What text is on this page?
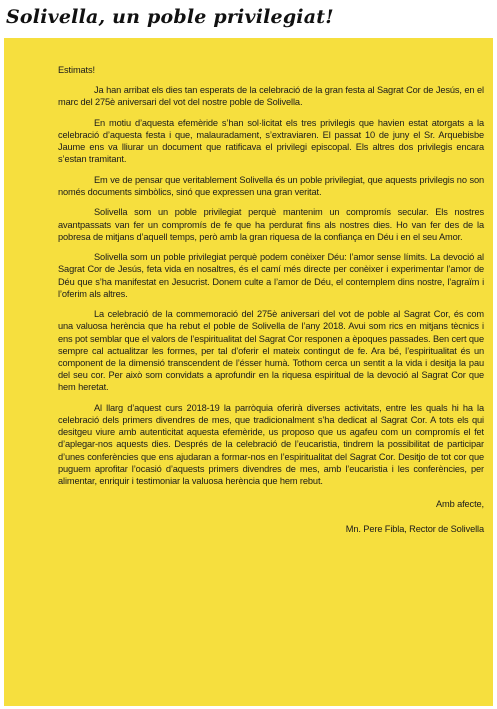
Solivella, un poble privilegiat!

Estimats!

Ja han arribat els dies tan esperats de la celebració de la gran festa al Sagrat Cor de Jesús, en el marc del 275è aniversari del vot del nostre poble de Solivella.

En motiu d’aquesta efemèride s’han sol·licitat els tres privilegis que havien estat atorgats a la celebració d’aquesta festa i que, malauradament, s’extraviaren. El passat 10 de juny el Sr. Arquebisbe Jaume ens va lliurar un document que ratificava el privilegi episcopal. Els altres dos privilegis encara s’estan tramitant.

Em ve de pensar que veritablement Solivella és un poble privilegiat, que aquests privilegis no son només documents simbòlics, sinó que expressen una gran veritat.

Solivella som un poble privilegiat perquè mantenim un compromís secular. Els nostres avantpassats van fer un compromís de fe que ha perdurat fins als nostres dies. Ho van fer des de la pobresa de mitjans d’aquell temps, però amb la gran riquesa de la confiança en Déu i en el seu Amor.

Solivella som un poble privilegiat perquè podem conèixer Déu: l’amor sense límits. La devoció al Sagrat Cor de Jesús, feta vida en nosaltres, és el camí més directe per conèixer i experimentar l’amor de Déu que s’ha manifestat en Jesucrist. Donem culte a l’amor de Déu, el contemplem dins nostre, l’agraïm i l’oferim als altres.

La celebració de la commemoració del 275è aniversari del vot de poble al Sagrat Cor, és com una valuosa herència que ha rebut el poble de Solivella de l’any 2018. Avui som rics en mitjans tècnics i ens pot semblar que el valors de l’espiritualitat del Sagrat Cor responen a èpoques passades. Ben cert que sempre cal actualitzar les formes, per tal d’oferir el mateix contingut de fe. Ara bé, l’espiritualitat és un component de la dimensió transcendent de l’ésser humà. Tothom cerca un sentit a la vida i desitja la pau del seu cor. Per això som convidats a aprofundir en la riquesa espiritual de la devoció al Sagrat Cor que hem heretat.

Al llarg d’aquest curs 2018-19 la parròquia oferirà diverses activitats, entre les quals hi ha la celebració dels primers divendres de mes, que tradicionalment s’ha dedicat al Sagrat Cor. A tots els qui desitgeu viure amb autenticitat aquesta efemèride, us proposo que us agafeu com un compromís el fet d’aplegar-nos aquests dies. Després de la celebració de l’eucaristia, tindrem la possibilitat de participar d’unes conferències que ens ajudaran a formar-nos en l’espiritualitat del Sagrat Cor. Desitjo de tot cor que puguem aprofitar l’ocasió d’aquests primers divendres de mes, amb l’eucaristia i les conferències, per alimentar, enriquir i testimoniar la valuosa herència que hem rebut.

Amb afecte,
Mn. Pere Fibla, Rector de Solivella
